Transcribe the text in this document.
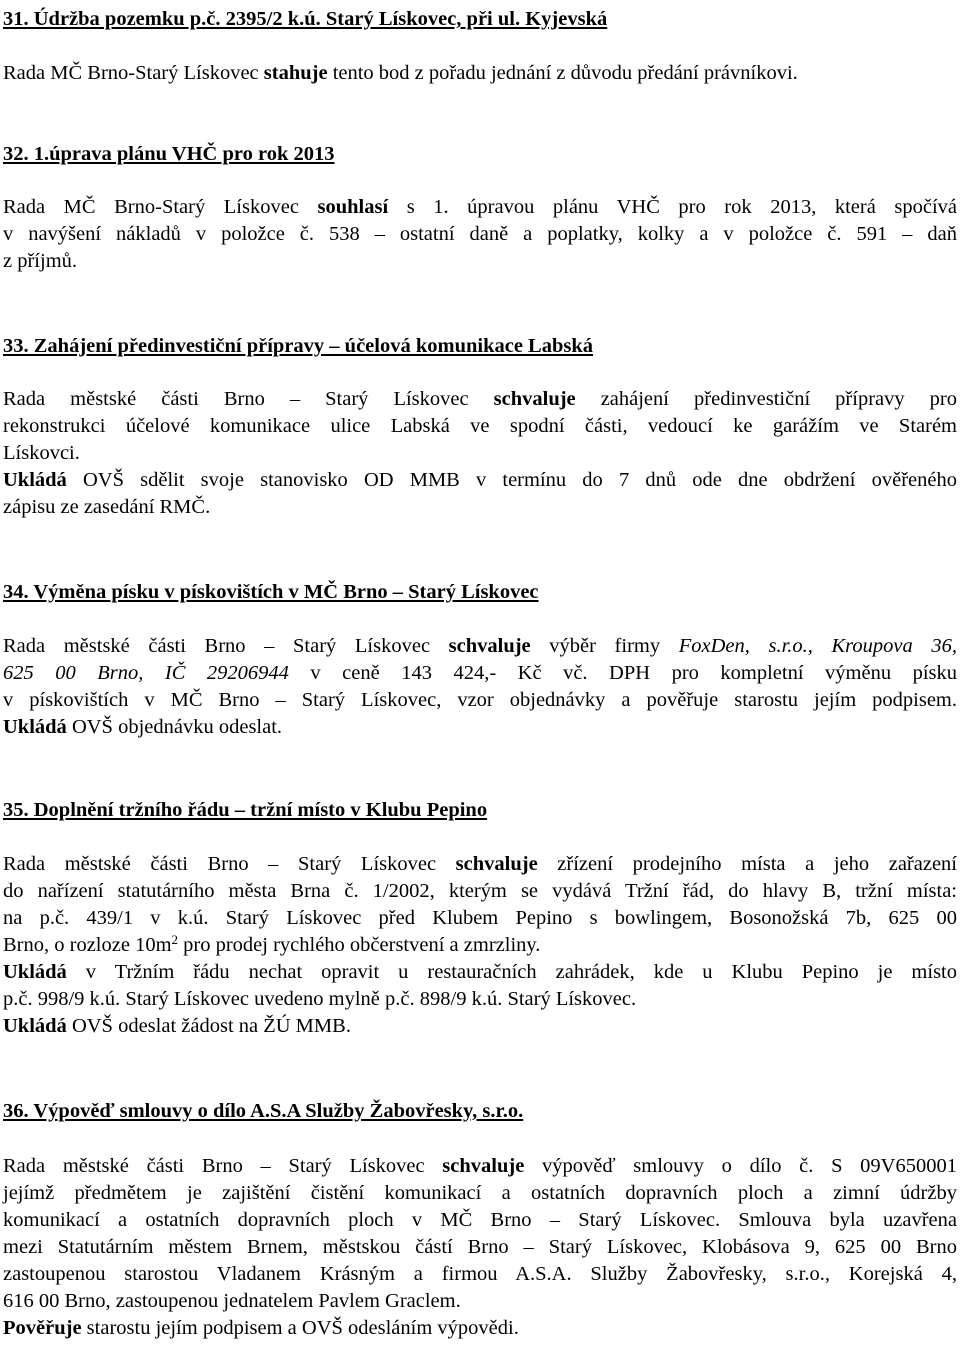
31. Údržba pozemku p.č. 2395/2 k.ú. Starý Lískovec, při ul. Kyjevská
Rada MČ Brno-Starý Lískovec stahuje tento bod z pořadu jednání z důvodu předání právníkovi.
32. 1.úprava plánu VHČ pro rok 2013
Rada MČ Brno-Starý Lískovec souhlasí s 1. úpravou plánu VHČ pro rok 2013, která spočívá
v navýšení nákladů v položce č. 538 – ostatní daně a poplatky, kolky a v položce č. 591 – daň
z příjmů.
33. Zahájení předinvestiční přípravy – účelová komunikace Labská
Rada městské části Brno – Starý Lískovec schvaluje zahájení předinvestiční přípravy pro
rekonstrukci účelové komunikace ulice Labská ve spodní části, vedoucí ke garážím ve Starém
Lískovci.
Ukládá OVŠ sdělit svoje stanovisko OD MMB v termínu do 7 dnů ode dne obdržení ověřeného
zápisu ze zasedání RMČ.
34. Výměna písku v pískovištích v MČ Brno – Starý Lískovec
Rada městské části Brno – Starý Lískovec schvaluje výběr firmy FoxDen, s.r.o., Kroupova 36,
625 00 Brno, IČ 29206944 v ceně 143 424,- Kč vč. DPH pro kompletní výměnu písku
v pískovištích v MČ Brno – Starý Lískovec, vzor objednávky a pověřuje starostu jejím podpisem.
Ukládá OVŠ objednávku odeslat.
35. Doplnění tržního řádu – tržní místo v Klubu Pepino
Rada městské části Brno – Starý Lískovec schvaluje zřízení prodejního místa a jeho zařazení
do nařízení statutárního města Brna č. 1/2002, kterým se vydává Tržní řád, do hlavy B, tržní místa:
na p.č. 439/1 v k.ú. Starý Lískovec před Klubem Pepino s bowlingem, Bosonožská 7b, 625 00
Brno, o rozloze $10m^2$ pro prodej rychlého občerstvení a zmrzliny.
Ukládá v Tržním řádu nechat opravit u restauračních zahrádek, kde u Klubu Pepino je místo
p.č. 998/9 k.ú. Starý Lískovec uvedeno mylně p.č. 898/9 k.ú. Starý Lískovec.
Ukládá OVŠ odeslat žádost na ŽÚ MMB.
36. Výpověď smlouvy o dílo A.S.A Služby Žabovřesky, s.r.o.
Rada městské části Brno – Starý Lískovec schvaluje výpověď smlouvy o dílo č. S 09V650001
jejímž předmětem je zajištění čistění komunikací a ostatních dopravních ploch a zimní údržby
komunikací a ostatních dopravních ploch v MČ Brno – Starý Lískovec. Smlouva byla uzavřena
mezi Statutárním městem Brnem, městskou částí Brno – Starý Lískovec, Klobásova 9, 625 00 Brno
zastoupenou starostou Vladanem Krásným a firmou A.S.A. Služby Žabovřesky, s.r.o., Korejská 4,
616 00 Brno, zastoupenou jednatelem Pavlem Graclem.
Pověřuje starostu jejím podpisem a OVŠ odesláním výpovědi.
